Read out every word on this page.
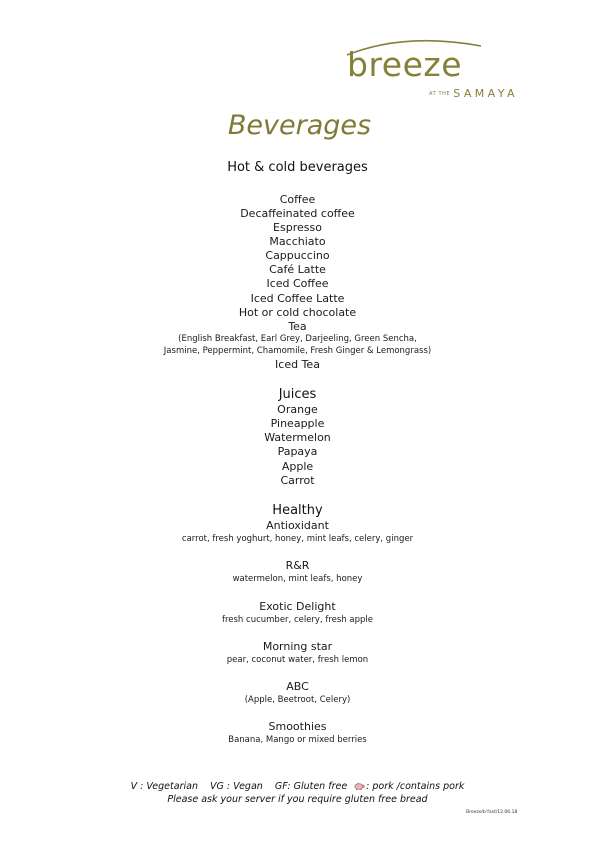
breeze
AT THE SAMAYA
Beverages
Hot & cold beverages
Coffee
Decaffeinated coffee
Espresso
Macchiato
Cappuccino
Café Latte
Iced Coffee
Iced Coffee Latte
Hot or cold chocolate
Tea
(English Breakfast, Earl Grey, Darjeeling, Green Sencha,
Jasmine, Peppermint, Chamomile, Fresh Ginger & Lemongrass)
Iced Tea
Juices
Orange
Pineapple
Watermelon
Papaya
Apple
Carrot
Healthy
Antioxidant
carrot, fresh yoghurt, honey, mint leafs, celery, ginger
R&R
watermelon, mint leafs, honey
Exotic Delight
fresh cucumber, celery, fresh apple
Morning star
pear, coconut water, fresh lemon
ABC
(Apple, Beetroot, Celery)
Smoothies
Banana, Mango or mixed berries
V : Vegetarian    VG : Vegan    GF: Gluten free : pork /contains pork
Please ask your server if you require gluten free bread
Breeze/b’fast/12.06.18
